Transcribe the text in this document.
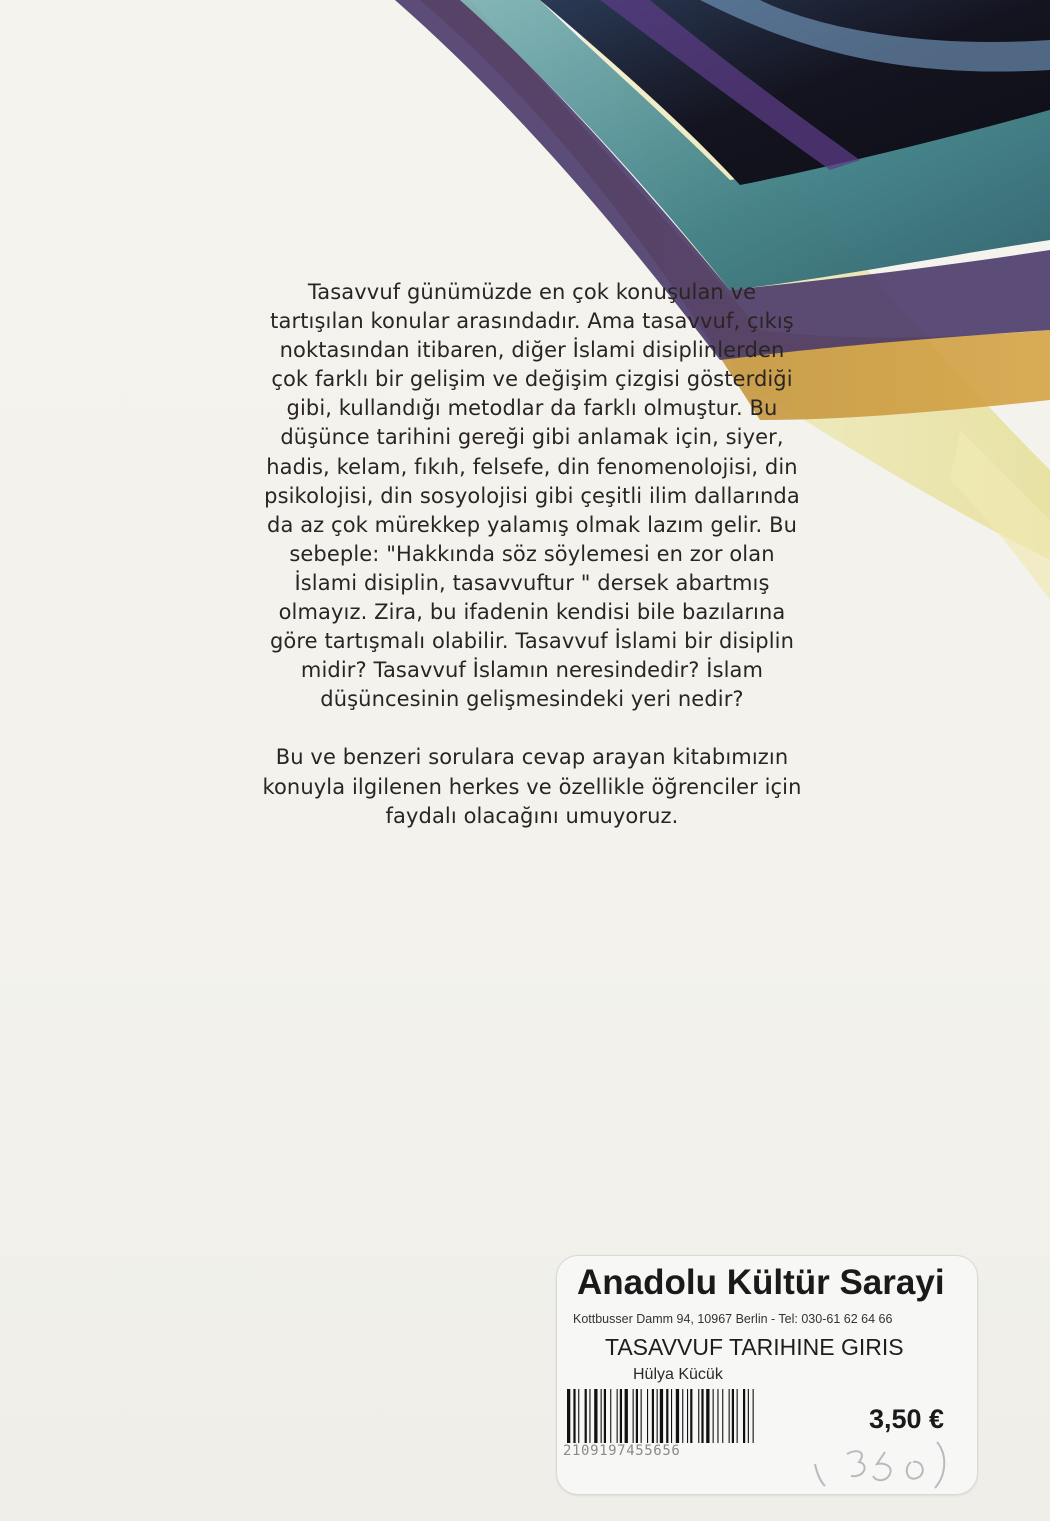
Tasavvuf günümüzde en çok konuşulan ve tartışılan konular arasındadır. Ama tasavvuf, çıkış noktasından itibaren, diğer İslami disiplinlerden çok farklı bir gelişim ve değişim çizgisi gösterdiği gibi, kullandığı metodlar da farklı olmuştur. Bu düşünce tarihini gereği gibi anlamak için, siyer, hadis, kelam, fıkıh, felsefe, din fenomenolojisi, din psikolojisi, din sosyolojisi gibi çeşitli ilim dallarında da az çok mürekkep yalamış olmak lazım gelir. Bu sebeple: "Hakkında söz söylemesi en zor olan İslami disiplin, tasavvuftur " dersek abartmış olmayız. Zira, bu ifadenin kendisi bile bazılarına göre tartışmalı olabilir. Tasavvuf İslami bir disiplin midir? Tasavvuf İslamın neresindedir? İslam düşüncesinin gelişmesindeki yeri nedir?

Bu ve benzeri sorulara cevap arayan kitabımızın konuyla ilgilenen herkes ve özellikle öğrenciler için faydalı olacağını umuyoruz.

Anadolu Kültür Sarayi
Kottbusser Damm 94, 10967 Berlin - Tel: 030-61 62 64 66
TASAVVUF TARIHINE GIRIS
Hülya Kücük
2109197455656
3,50 €
